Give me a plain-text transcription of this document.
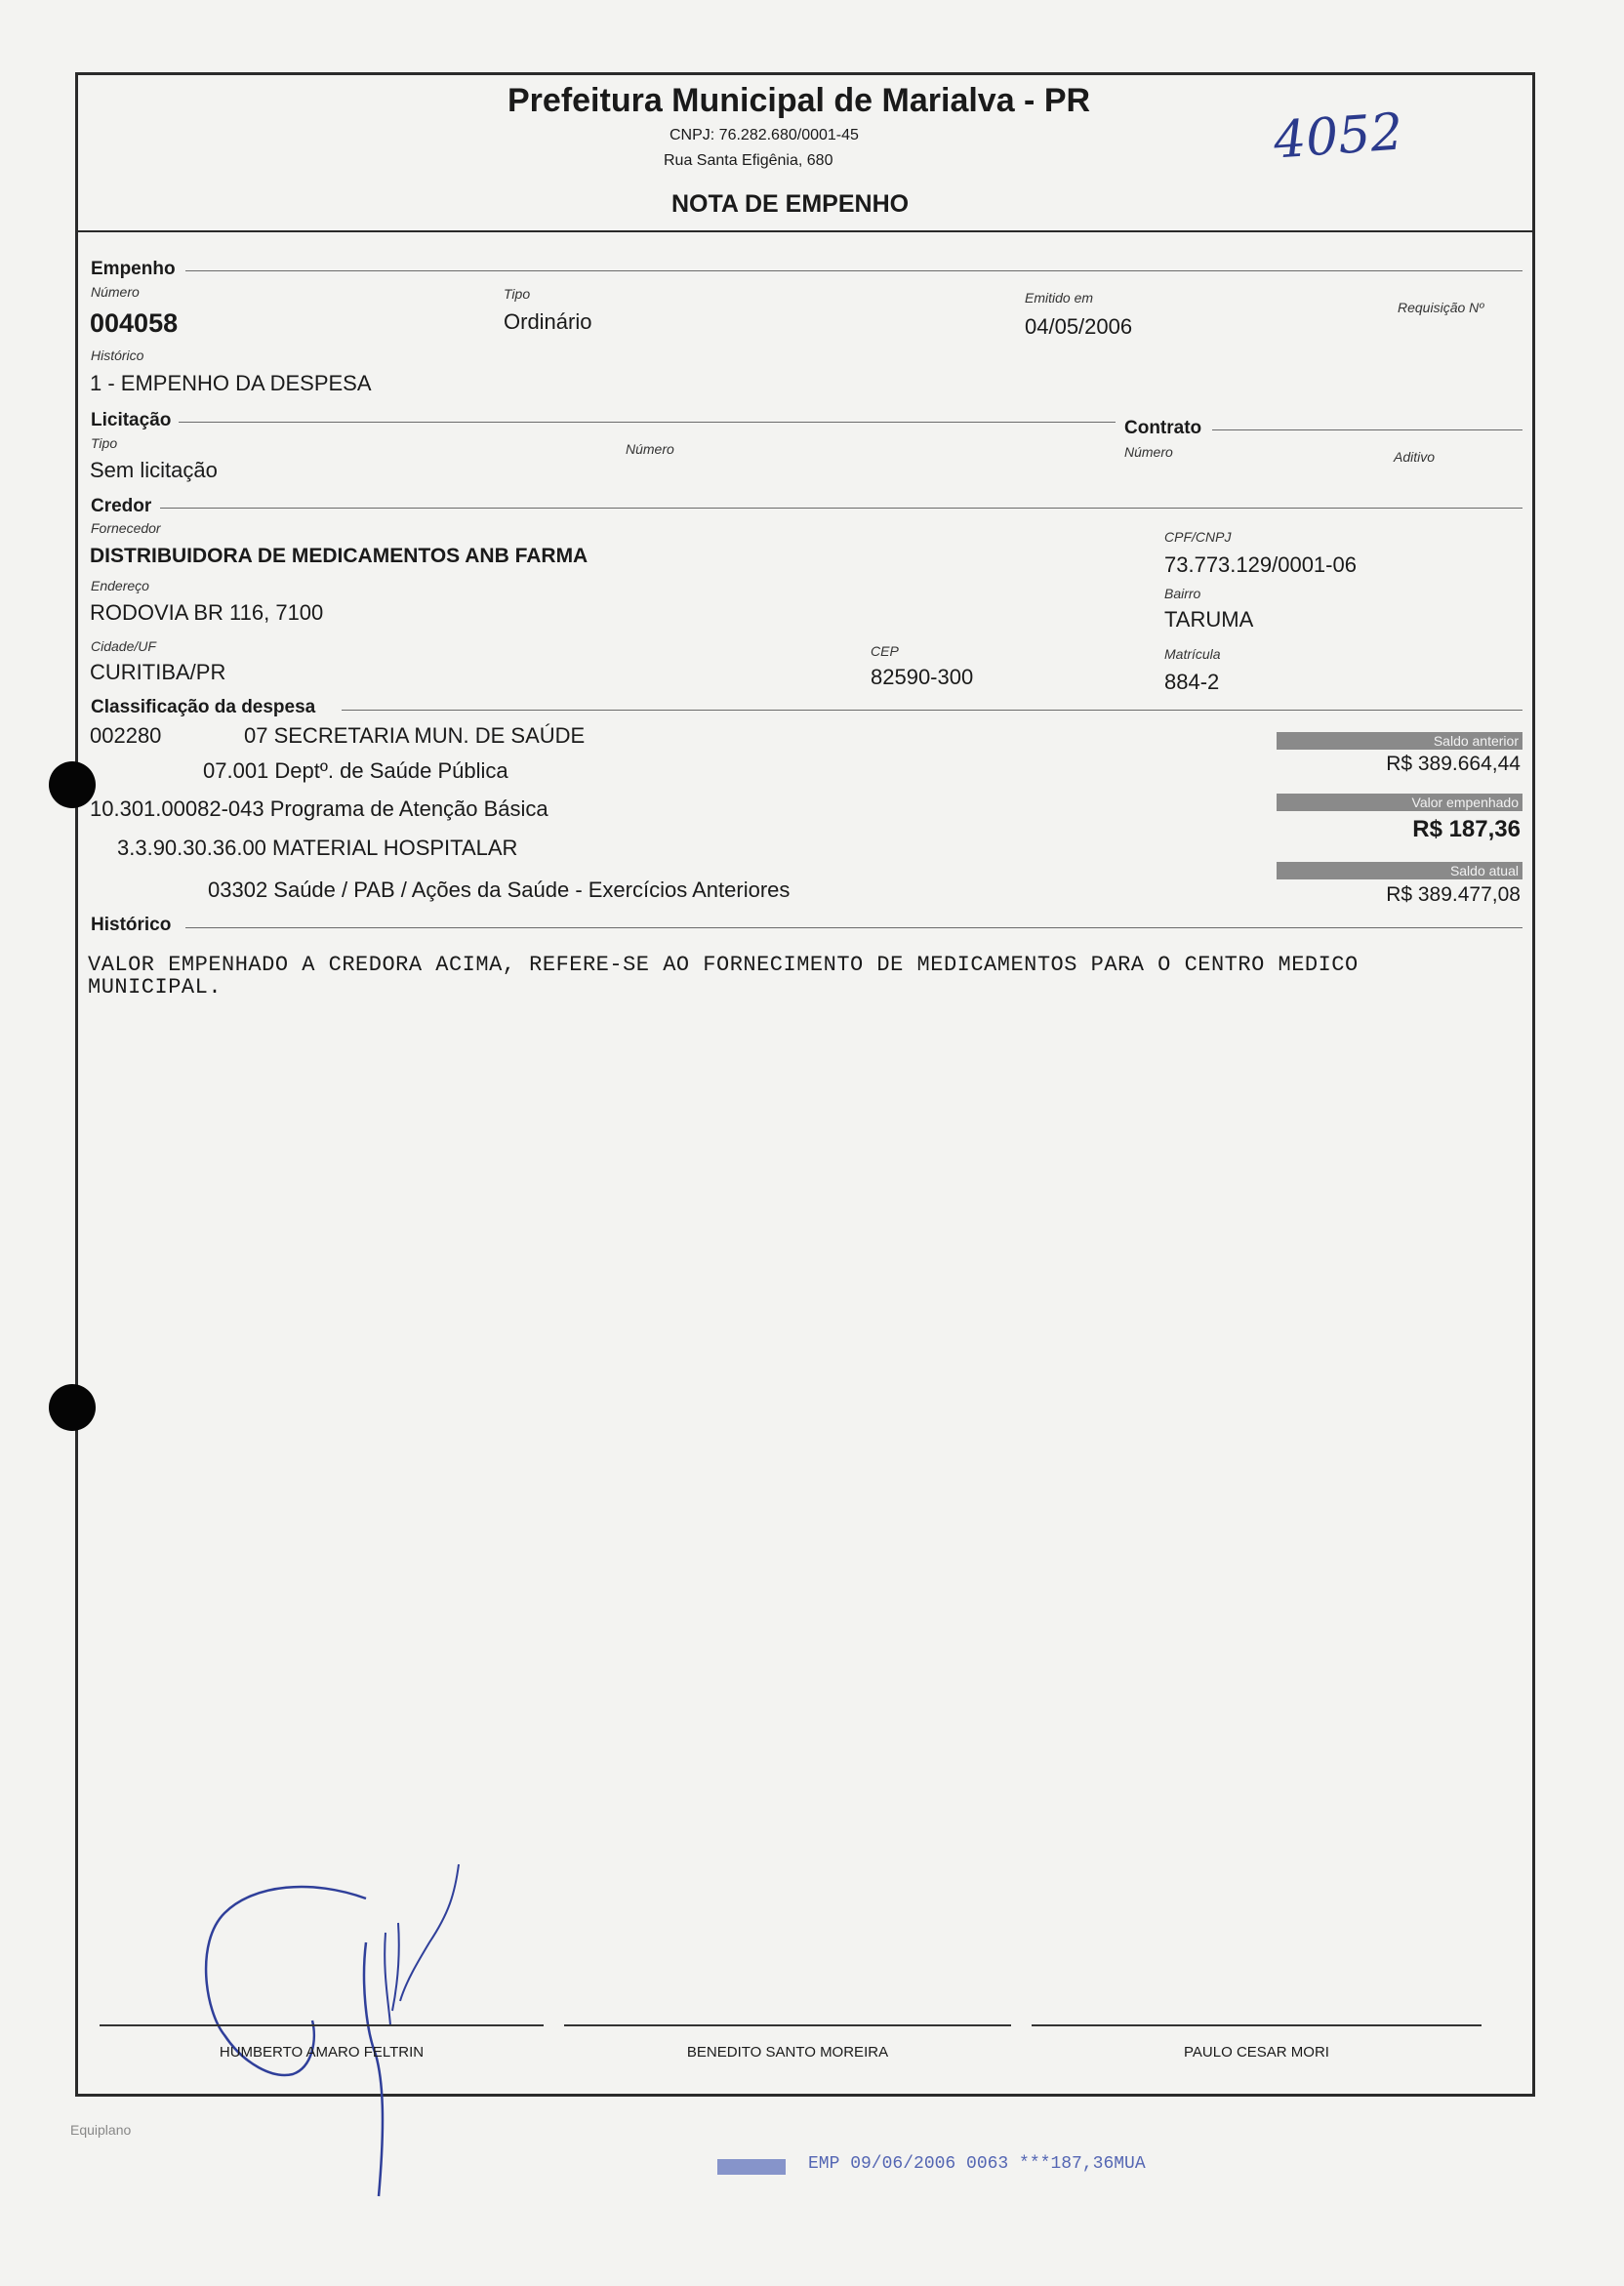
Prefeitura Municipal de Marialva - PR
CNPJ: 76.282.680/0001-45
Rua Santa Efigênia, 680
NOTA DE EMPENHO
4052
Empenho
Número
004058
Tipo
Ordinário
Emitido em
04/05/2006
Requisição Nº
Histórico
1 - EMPENHO DA DESPESA
Licitação
Tipo
Sem licitação
Número
Contrato
Número	Aditivo
Credor
Fornecedor
DISTRIBUIDORA DE MEDICAMENTOS ANB FARMA
CPF/CNPJ
73.773.129/0001-06
Endereço
RODOVIA BR 116, 7100
Bairro
TARUMA
Cidade/UF
CURITIBA/PR
CEP
82590-300
Matrícula
884-2
Classificação da despesa
002280	07 SECRETARIA MUN. DE SAÚDE
07.001 Deptº. de Saúde Pública
10.301.00082-043 Programa de Atenção Básica
3.3.90.30.36.00 MATERIAL HOSPITALAR
03302 Saúde / PAB / Ações da Saúde - Exercícios Anteriores
Saldo anterior
R$ 389.664,44
Valor empenhado
R$ 187,36
Saldo atual
R$ 389.477,08
Histórico
VALOR EMPENHADO A CREDORA ACIMA, REFERE-SE AO FORNECIMENTO DE MEDICAMENTOS PARA O CENTRO MEDICO
MUNICIPAL.
HUMBERTO AMARO FELTRIN	BENEDITO SANTO MOREIRA	PAULO CESAR MORI
Equiplano
EMP 09/06/2006 0063 ***187,36MUA
